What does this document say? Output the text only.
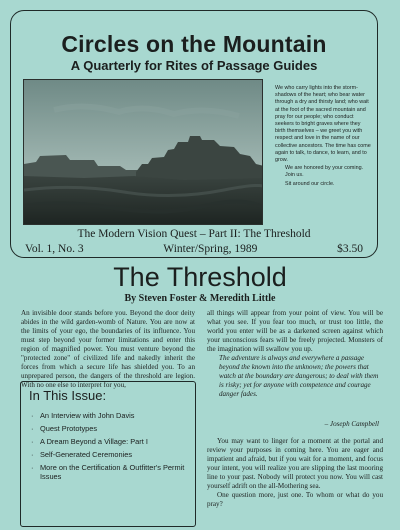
Circles on the Mountain
A Quarterly for Rites of Passage Guides

We who carry lights into the storm-shadows of the heart; who bear water through a dry and thirsty land; who wait at the foot of the sacred mountain and pray for our people; who conduct seekers to bright graves where they birth themselves – we greet you with respect and love in the name of our collective ancestors. The time has come again to talk, to dance, to learn, and to grow.

We are honored by your coming. Join us.

Sit around our circle.

The Modern Vision Quest – Part II: The Threshold
Vol. 1, No. 3	Winter/Spring, 1989	$3.50
The Threshold
By Steven Foster & Meredith Little

An invisible door stands before you. Beyond the door deity abides in the wild garden-womb of Nature. You are now at the limits of your ego, the boundaries of its influence. You must step beyond your former limitations and enter this region of magnified power. You must venture beyond the "protected zone" of civilized life and nakedly inherit the forces from which a secure life has shielded you. To an unprepared person, the dangers of the threshold are legion. With no one else to interpret for you,

In This Issue:
· An Interview with John Davis
· Quest Prototypes
· A Dream Beyond a Village: Part I
· Self-Generated Ceremonies
· More on the Certification & Outfitter's Permit Issues

all things will appear from your point of view. You will be what you see. If you fear too much, or trust too little, the world you enter will be as a darkened screen against which your unconscious fears will be freely projected. Monsters of the imagination will swallow you up.

The adventure is always and everywhere a passage beyond the known into the unknown; the powers that watch at the boundary are dangerous; to deal with them is risky; yet for anyone with competence and courage danger fades.
– Joseph Campbell

You may want to linger for a moment at the portal and review your purposes in coming here. You are eager and impatient and afraid, but if you wait for a moment, and focus your intent, you will realize you are slipping the last mooring line to your past. Nobody will protect you now. You will cast yourself adrift on the all-Mothering sea.

One question more, just one. To whom or what do you pray?
